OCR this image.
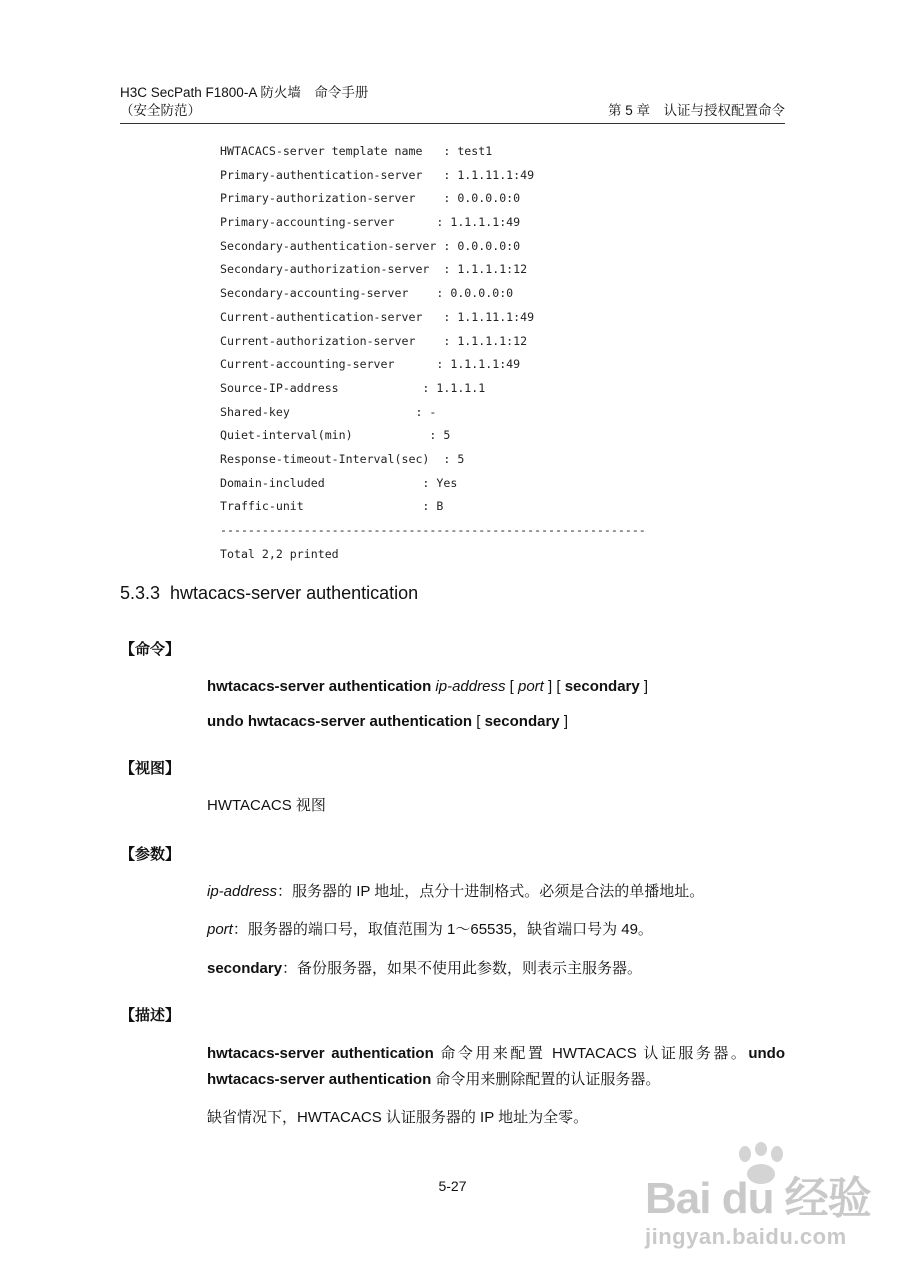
H3C SecPath F1800-A 防火墙　命令手册
（安全防范）	第 5 章　认证与授权配置命令
HWTACACS-server template name   : test1
Primary-authentication-server   : 1.1.11.1:49
Primary-authorization-server    : 0.0.0.0:0
Primary-accounting-server      : 1.1.1.1:49
Secondary-authentication-server : 0.0.0.0:0
Secondary-authorization-server  : 1.1.1.1:12
Secondary-accounting-server    : 0.0.0.0:0
Current-authentication-server   : 1.1.11.1:49
Current-authorization-server    : 1.1.1.1:12
Current-accounting-server      : 1.1.1.1:49
Source-IP-address            : 1.1.1.1
Shared-key                  : -
Quiet-interval(min)           : 5
Response-timeout-Interval(sec)  : 5
Domain-included              : Yes
Traffic-unit                 : B
-------------------------------------------------------------
Total 2,2 printed
5.3.3 hwtacacs-server authentication
【命令】
hwtacacs-server authentication ip-address [ port ] [ secondary ]
undo hwtacacs-server authentication [ secondary ]
【视图】
HWTACACS 视图
【参数】
ip-address：服务器的 IP 地址，点分十进制格式。必须是合法的单播地址。
port：服务器的端口号，取值范围为 1～65535，缺省端口号为 49。
secondary：备份服务器，如果不使用此参数，则表示主服务器。
【描述】
hwtacacs-server authentication 命令用来配置 HWTACACS 认证服务器。undo hwtacacs-server authentication 命令用来删除配置的认证服务器。
缺省情况下，HWTACACS 认证服务器的 IP 地址为全零。
5-27	Bai du 经验
jingyan.baidu.com
